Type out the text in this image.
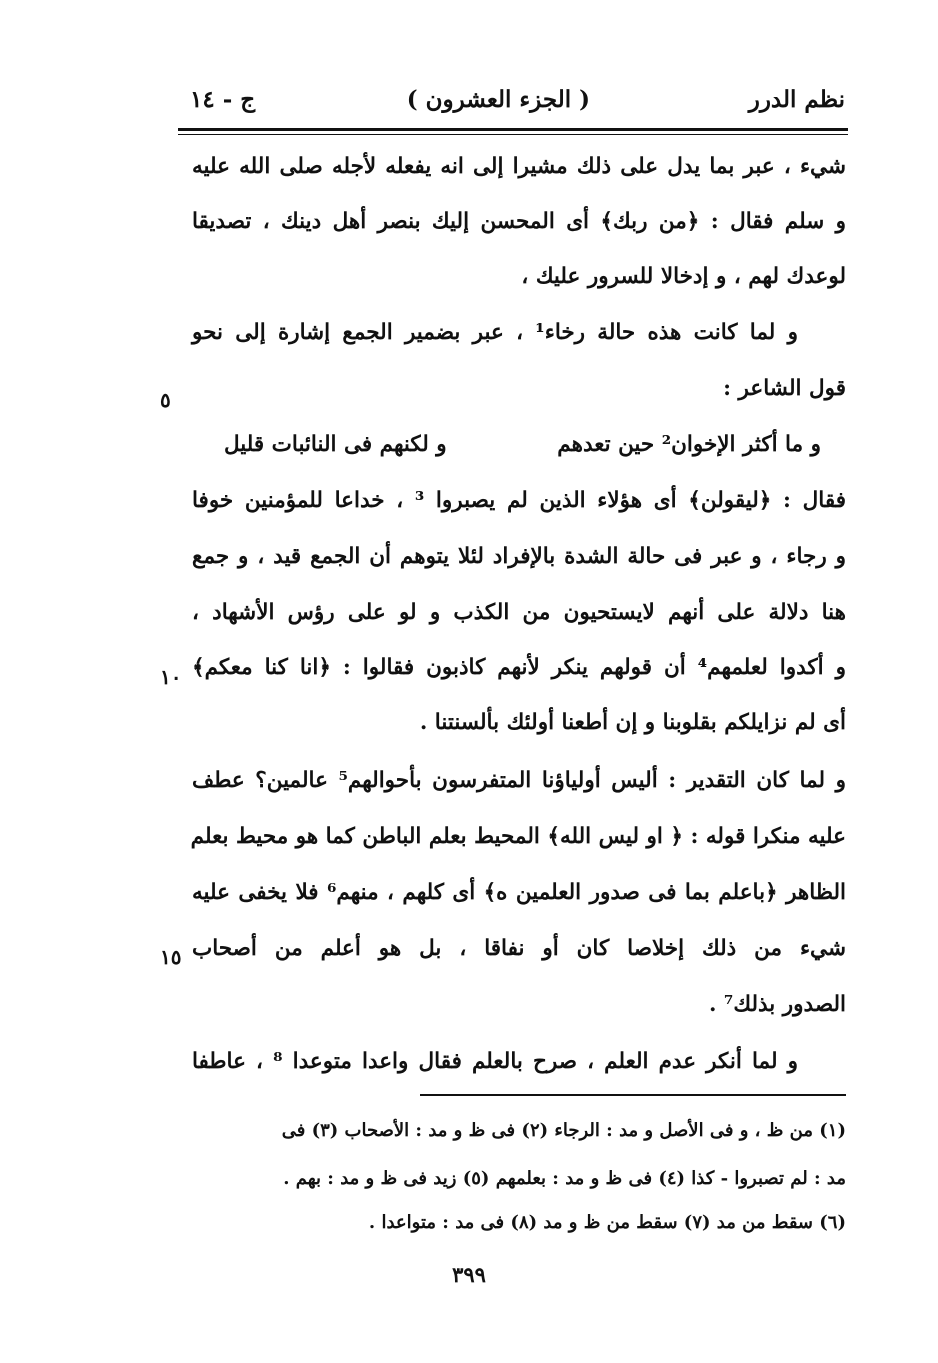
نظم الدرر
( الجزء العشرون )
ج - ١٤
شيء ، عبر بما يدل على ذلك مشيرا إلى انه يفعله لأجله صلى الله عليه
و سلم فقال : ﴿من ربك﴾ أى المحسن إليك بنصر أهل دينك ، تصديقا
لوعدك لهم ، و إدخالا للسرور عليك ،
و لما كانت هذه حالة رخاء¹ ، عبر بضمير الجمع إشارة إلى نحو
قول الشاعر :
و ما أكثر الإخوان² حين تعدهم
و لكنهم فى النائبات قليل
فقال : ﴿ليقولن﴾ أى هؤلاء الذين لم يصبروا ³ ، خداعا للمؤمنين خوفا
و رجاء ، و عبر فى حالة الشدة بالإفراد لئلا يتوهم أن الجمع قيد ، و جمع
هنا دلالة على أنهم لايستحيون من الكذب و لو على رؤس الأشهاد ،
و أكدوا لعلمهم⁴ أن قولهم ينكر لأنهم كاذبون فقالوا : ﴿انا كنا معكم﴾
أى لم نزايلكم بقلوبنا و إن أطعنا أولئك بألسنتنا .
و لما كان التقدير : أليس أولياؤنا المتفرسون بأحوالهم⁵ عالمين؟ عطف
عليه منكرا قوله : ﴿ او ليس الله﴾ المحيط بعلم الباطن كما هو محيط بعلم
الظاهر ﴿باعلم بما فى صدور العلمين ه﴾ أى كلهم ، منهم⁶ فلا يخفى عليه
شيء من ذلك إخلاصا كان أو نفاقا ، بل هو أعلم من أصحاب
الصدور بذلك⁷ .
و لما أنكر عدم العلم ، صرح بالعلم فقال واعدا متوعدا ⁸ ، عاطفا
٥
١٠
١٥
(١) من ظ ، و فى الأصل و مد : الرجاء (٢) فى ظ و مد : الأصحاب (٣) فى
مد : لم تصبروا - كذا (٤) فى ظ و مد : بعلمهم (٥) زيد فى ظ و مد : بهم .
(٦) سقط من مد (٧) سقط من ظ و مد (٨) فى مد : متواعدا .
٣٩٩
